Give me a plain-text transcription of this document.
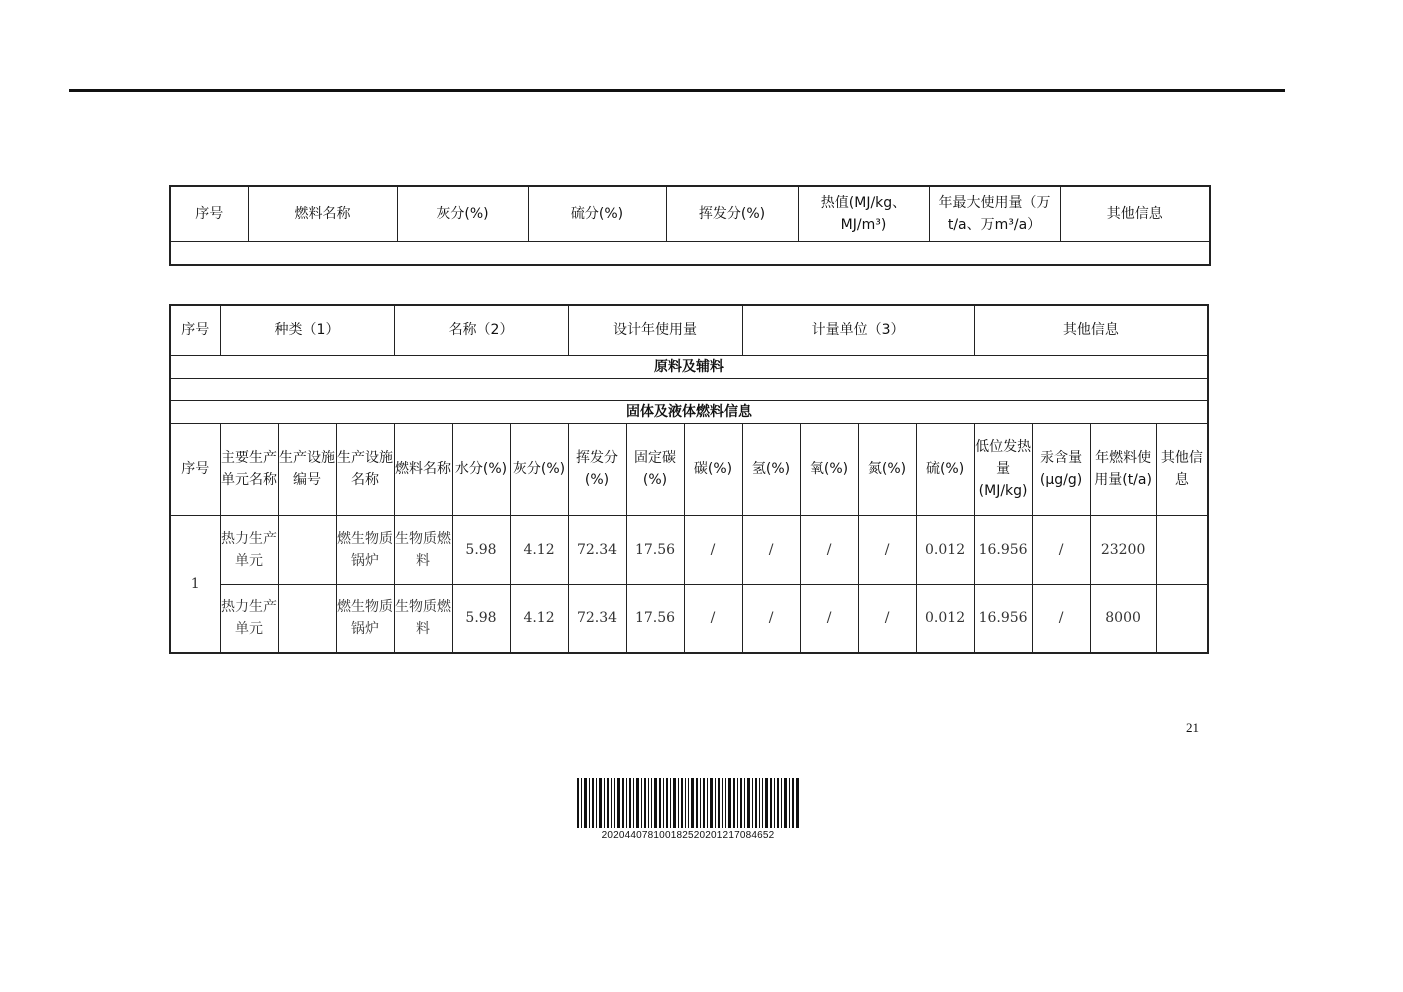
序号	燃料名称	灰分(%)	硫分(%)	挥发分(%)	热值(MJ/kg、MJ/m³)	年最大使用量（万t/a、万m³/a）	其他信息

序号	种类（1）			名称（2）			设计年使用量			计量单位（3）				其他信息			
原料及辅料																	

固体及液体燃料信息																	
序号	主要生产单元名称	生产设施编号	生产设施名称	燃料名称	水分(%)	灰分(%)	挥发分(%)	固定碳(%)	碳(%)	氢(%)	氧(%)	氮(%)	硫(%)	低位发热量(MJ/kg)	汞含量(μg/g)	年燃料使用量(t/a)	其他信息
1	热力生产单元		燃生物质锅炉	生物质燃料	5.98	4.12	72.34	17.56	/	/	/	/	0.012	16.956	/	23200	
	热力生产单元		燃生物质锅炉	生物质燃料	5.98	4.12	72.34	17.56	/	/	/	/	0.012	16.956	/	8000	
21
20204407810018252020121708465​2
